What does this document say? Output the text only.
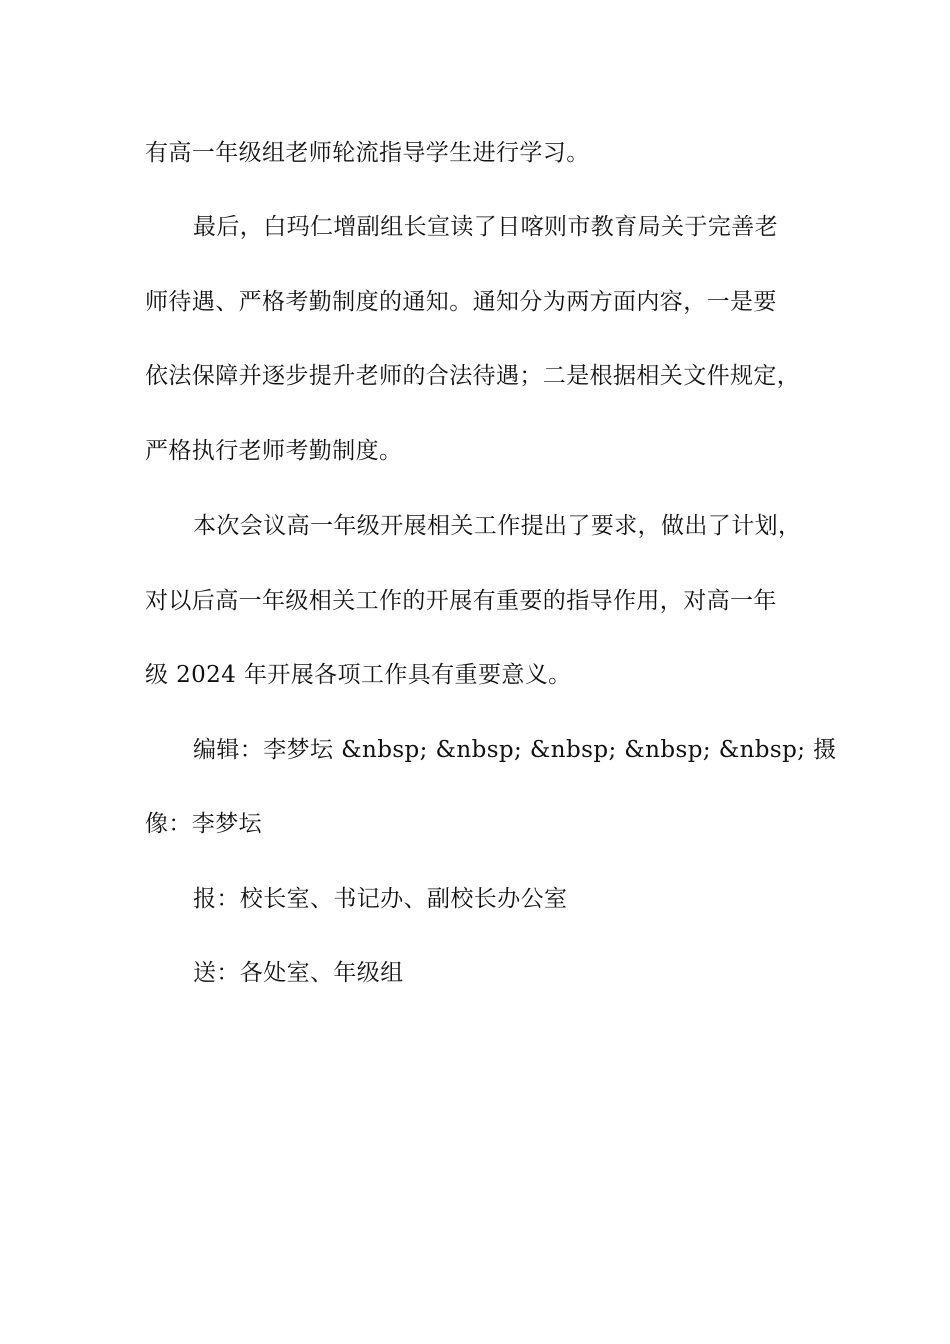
有高一年级组老师轮流指导学生进行学习。
最后，白玛仁增副组长宣读了日喀则市教育局关于完善老
师待遇、严格考勤制度的通知。通知分为两方面内容，一是要
依法保障并逐步提升老师的合法待遇；二是根据相关文件规定，
严格执行老师考勤制度。
本次会议高一年级开展相关工作提出了要求，做出了计划，
对以后高一年级相关工作的开展有重要的指导作用，对高一年
级 2024 年开展各项工作具有重要意义。
编辑：李梦坛 &nbsp; &nbsp; &nbsp; &nbsp; &nbsp; 摄
像：李梦坛
报：校长室、书记办、副校长办公室
送：各处室、年级组
